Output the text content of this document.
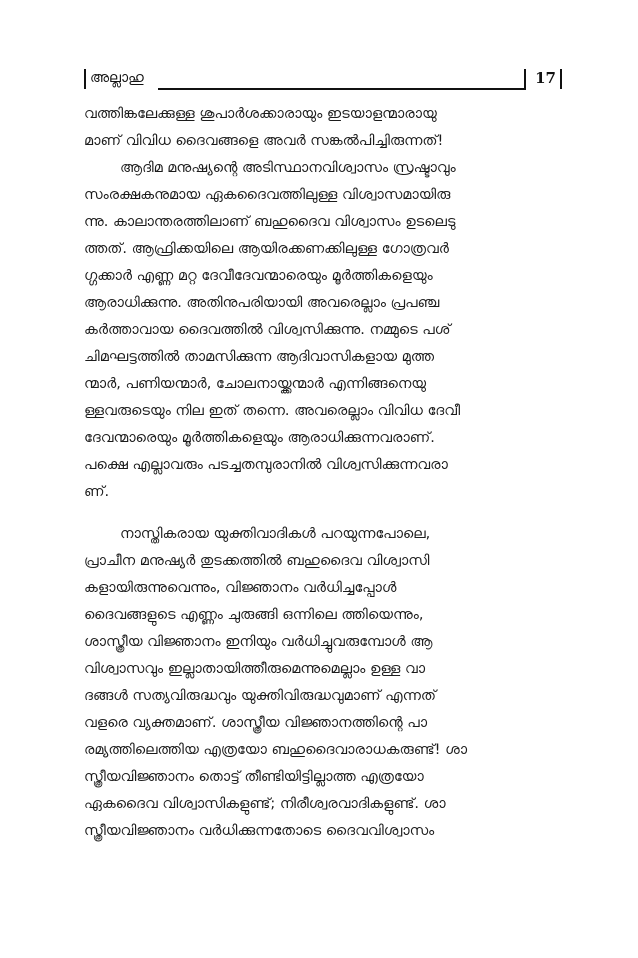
അല്ലാഹു	17
വത്തിങ്കലേക്കുള്ള ശുപാർശക്കാരായും ഇടയാളന്മാരായു
മാണ് വിവിധ ദൈവങ്ങളെ അവർ സങ്കൽപിച്ചിരുന്നത്!
ആദിമ മനുഷ്യന്റെ അടിസ്ഥാനവിശ്വാസം സ്രഷ്ടാവും
സംരക്ഷകനുമായ ഏകദൈവത്തിലുള്ള വിശ്വാസമായിരു
ന്നു. കാലാന്തരത്തിലാണ് ബഹുദൈവ വിശ്വാസം ഉടലെടു
ത്തത്. ആഫ്രിക്കയിലെ ആയിരക്കണക്കിലുള്ള ഗോത്രവർ
ഗ്ഗക്കാർ എണ്ണ മറ്റ ദേവീദേവന്മാരെയും മൂർത്തികളെയും
ആരാധിക്കുന്നു. അതിനുപരിയായി അവരെല്ലാം പ്രപഞ്ച
കർത്താവായ ദൈവത്തിൽ വിശ്വസിക്കുന്നു. നമ്മുടെ പശ്
ചിമഘട്ടത്തിൽ താമസിക്കുന്ന ആദിവാസികളായ മുത്ത
ന്മാർ, പണിയന്മാർ, ചോലനായ്ക്കന്മാർ എന്നിങ്ങനെയു
ള്ളവരുടെയും നില ഇത് തന്നെ. അവരെല്ലാം വിവിധ ദേവീ
ദേവന്മാരെയും മൂർത്തികളെയും ആരാധിക്കുന്നവരാണ്.
പക്ഷെ എല്ലാവരും പടച്ചതമ്പുരാനിൽ വിശ്വസിക്കുന്നവരാ
ണ്.
നാസ്തികരായ യുക്തിവാദികൾ പറയുന്നപോലെ,
പ്രാചീന മനുഷ്യർ തുടക്കത്തിൽ ബഹുദൈവ വിശ്വാസി
കളായിരുന്നുവെന്നും, വിജ്ഞാനം വർധിച്ചപ്പോൾ
ദൈവങ്ങളുടെ എണ്ണം ചുരുങ്ങി ഒന്നിലെ ത്തിയെന്നും,
ശാസ്ത്രീയ വിജ്ഞാനം ഇനിയും വർധിച്ചുവരുമ്പോൾ ആ
വിശ്വാസവും ഇല്ലാതായിത്തീരുമെന്നുമെല്ലാം ഉള്ള വാ
ദങ്ങൾ സത്യവിരുദ്ധവും യുക്തിവിരുദ്ധവുമാണ് എന്നത്
വളരെ വ്യക്തമാണ്. ശാസ്ത്രീയ വിജ്ഞാനത്തിന്റെ പാ
രമ്യത്തിലെത്തിയ എത്രയോ ബഹുദൈവാരാധകരുണ്ട്! ശാ
സ്ത്രീയവിജ്ഞാനം തൊട്ട് തീണ്ടിയിട്ടില്ലാത്ത എത്രയോ
ഏകദൈവ വിശ്വാസികളുണ്ട്; നിരീശ്വരവാദികളുണ്ട്. ശാ
സ്ത്രീയവിജ്ഞാനം വർധിക്കുന്നതോടെ ദൈവവിശ്വാസം
